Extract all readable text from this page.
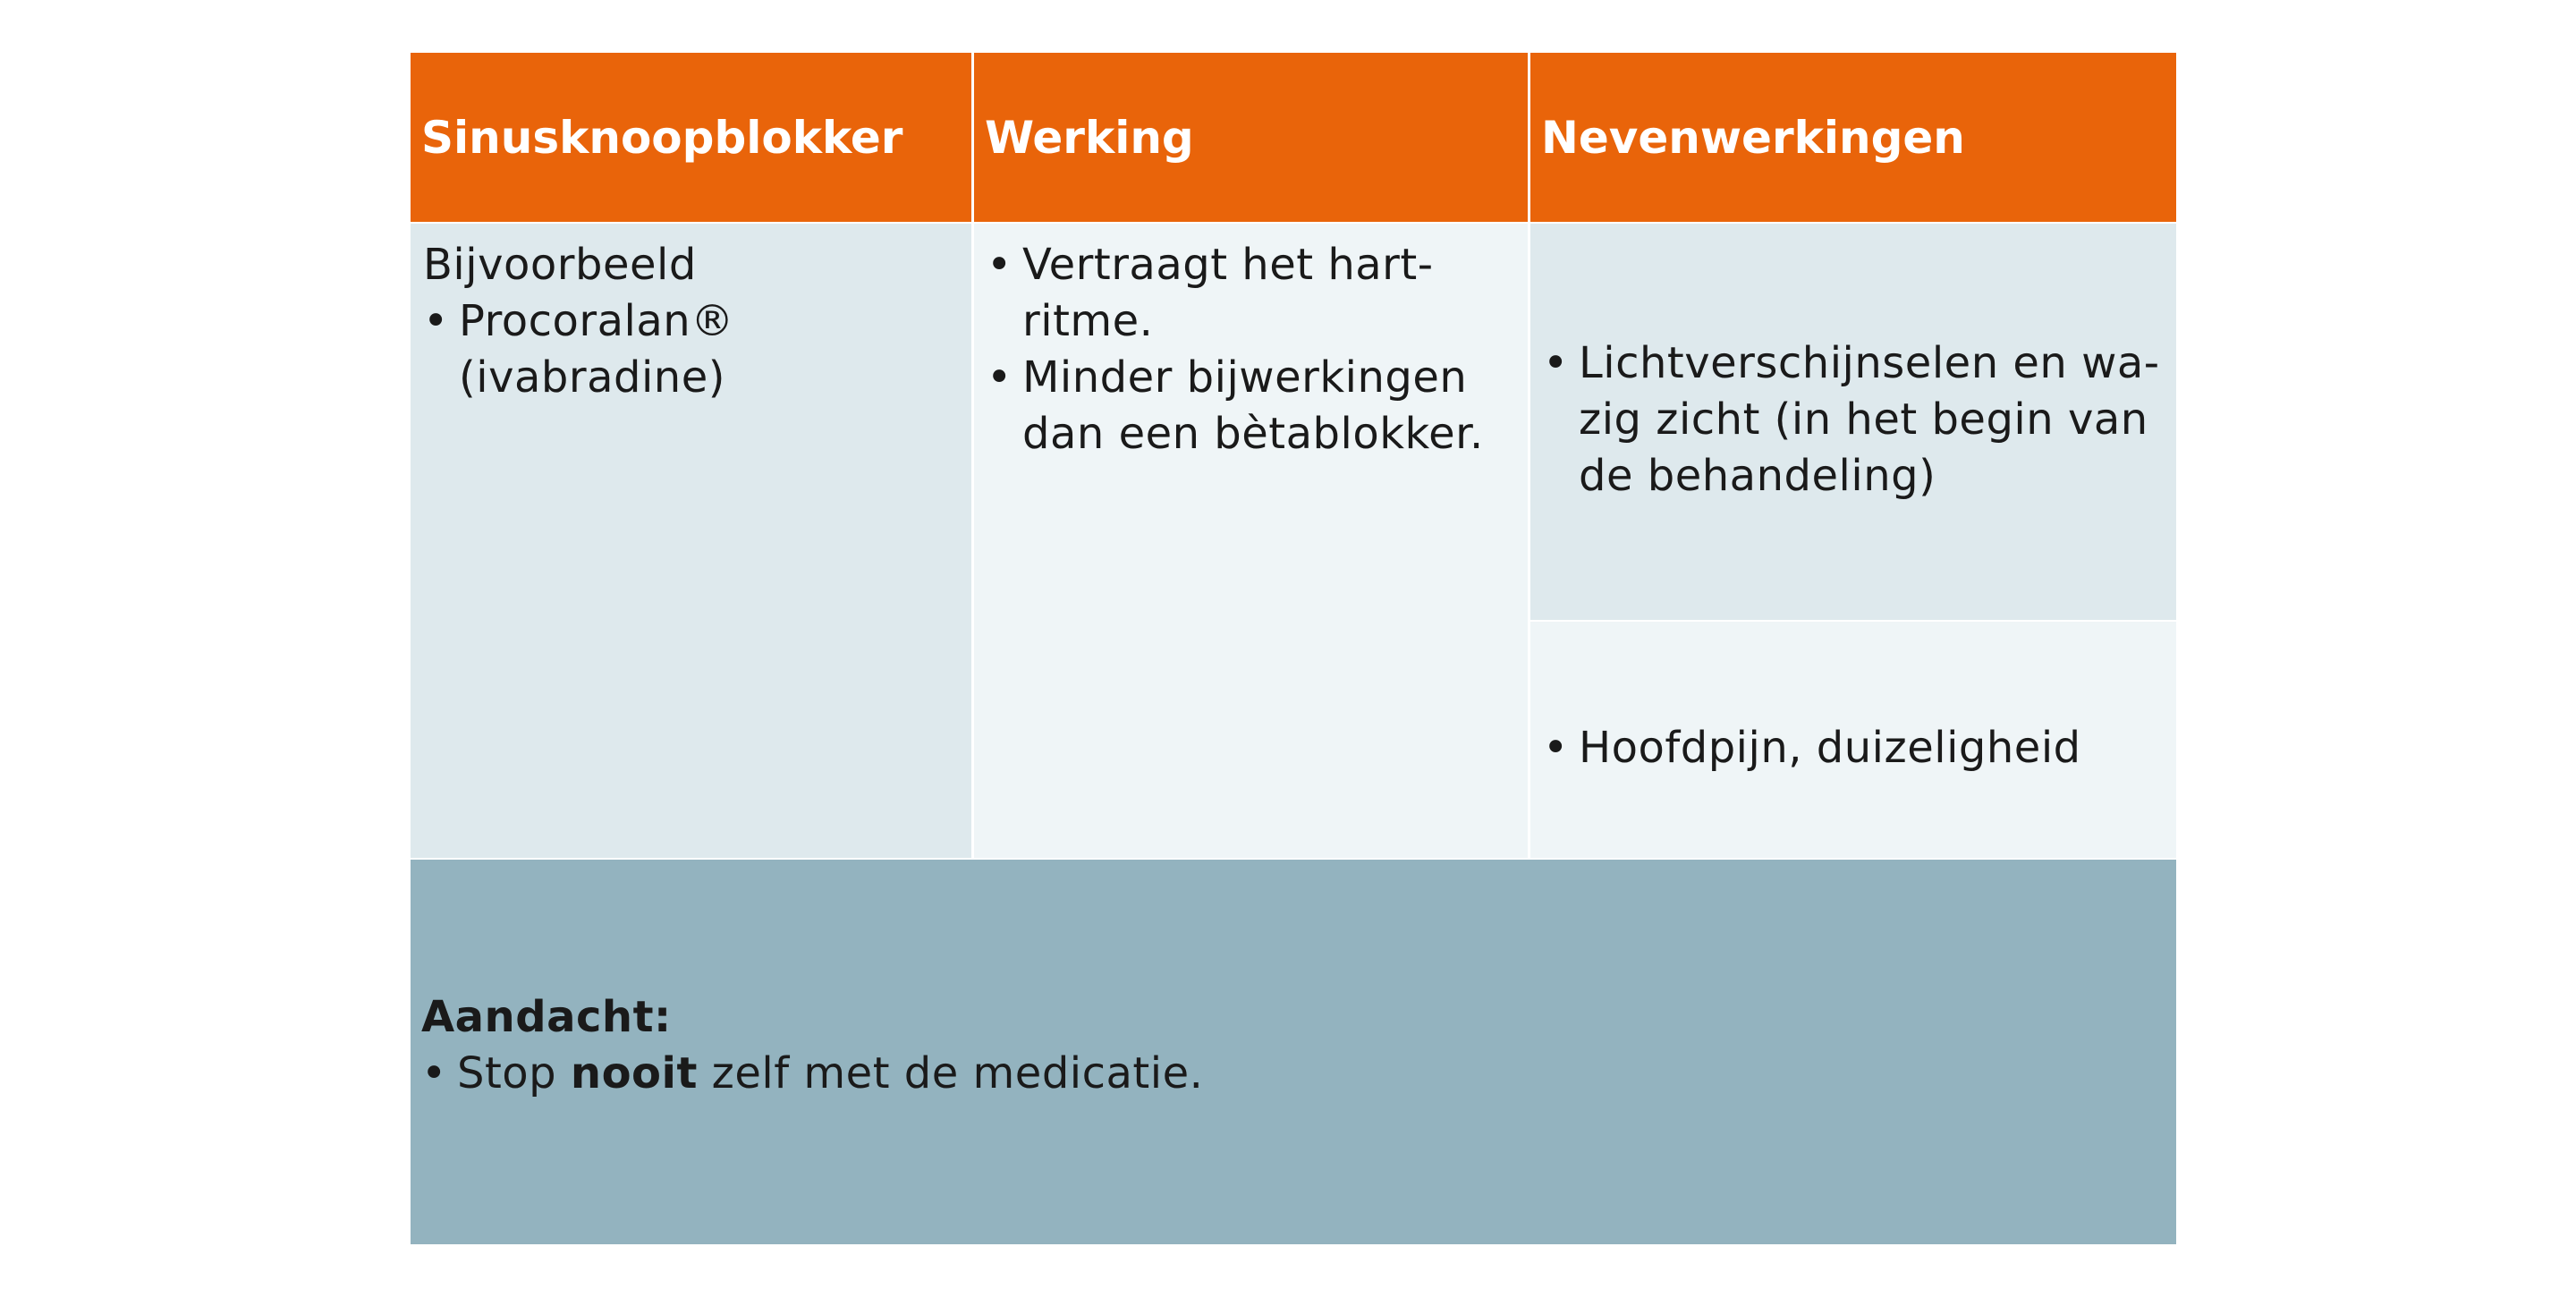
Sinusknoopblokker	Werking	Nevenwerkingen
Bijvoorbeeld
• Procoralan® (ivabradine)
• Vertraagt het hart-ritme.
• Minder bijwerkingen dan een bètablokker.
• Lichtverschijnselen en wa-zig zicht (in het begin van de behandeling)
• Hoofdpijn, duizeligheid
Aandacht:
• Stop nooit zelf met de medicatie.
